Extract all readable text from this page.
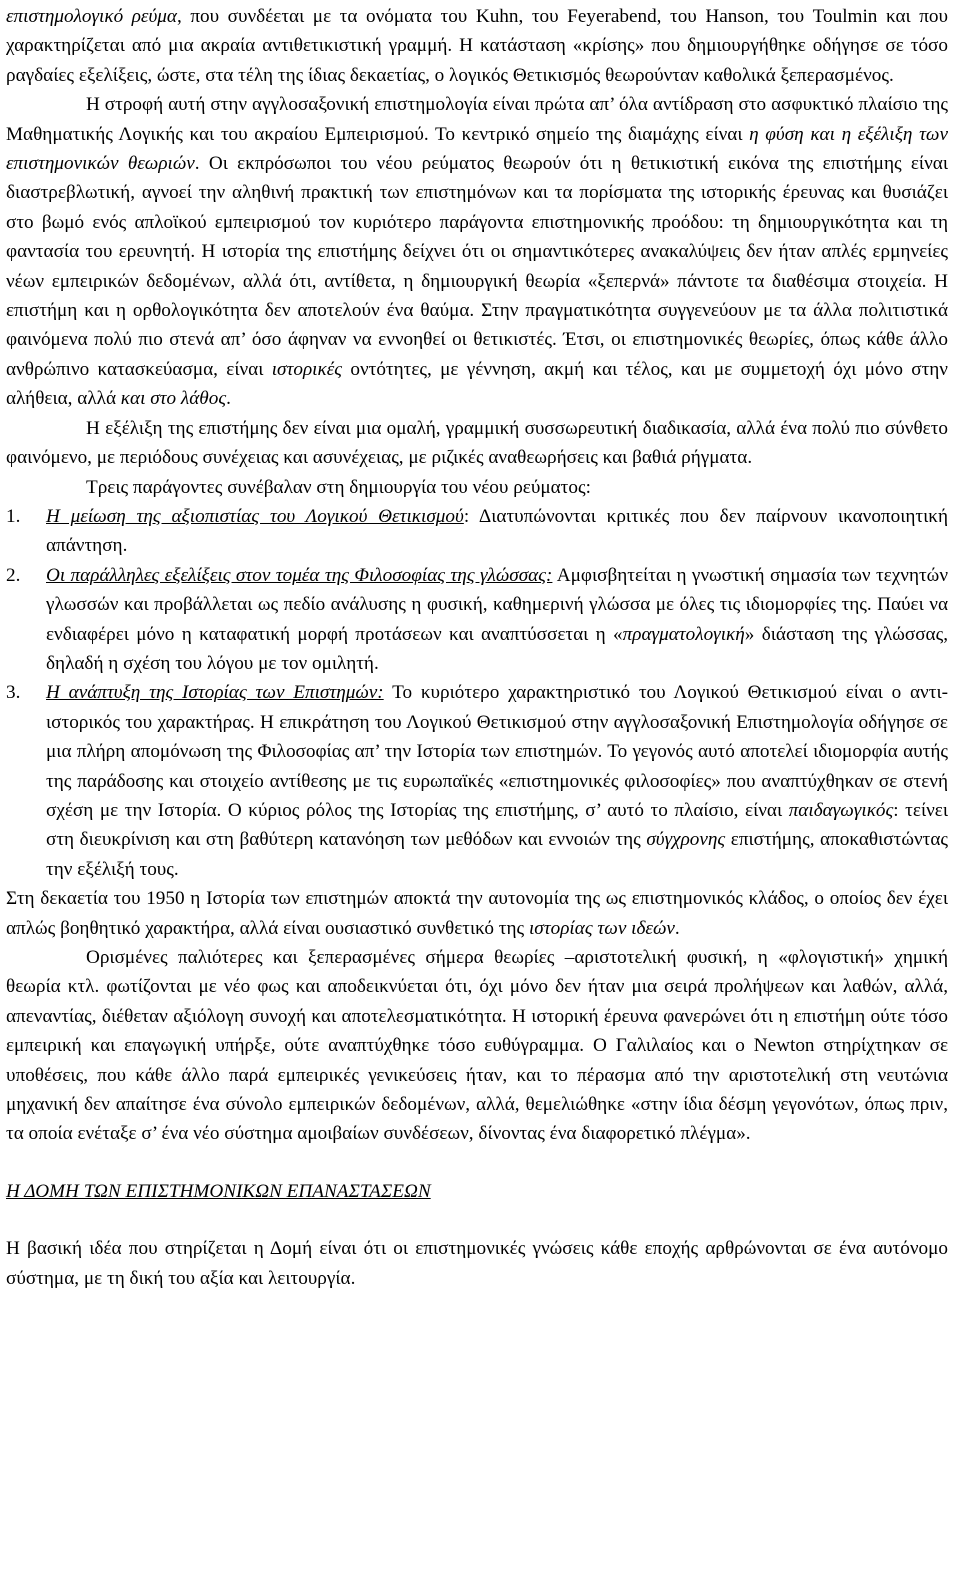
επιστημολογικό ρεύμα, που συνδέεται με τα ονόματα του Kuhn, του Feyerabend, του Hanson, του Toulmin και που χαρακτηρίζεται από μια ακραία αντιθετικιστική γραμμή. Η κατάσταση «κρίσης» που δημιουργήθηκε οδήγησε σε τόσο ραγδαίες εξελίξεις, ώστε, στα τέλη της ίδιας δεκαετίας, ο λογικός Θετικισμός θεωρούνταν καθολικά ξεπερασμένος.

Η στροφή αυτή στην αγγλοσαξονική επιστημολογία είναι πρώτα απ’ όλα αντίδραση στο ασφυκτικό πλαίσιο της Μαθηματικής Λογικής και του ακραίου Εμπειρισμού. Το κεντρικό σημείο της διαμάχης είναι η φύση και η εξέλιξη των επιστημονικών θεωριών. Οι εκπρόσωποι του νέου ρεύματος θεωρούν ότι η θετικιστική εικόνα της επιστήμης είναι διαστρεβλωτική, αγνοεί την αληθινή πρακτική των επιστημόνων και τα πορίσματα της ιστορικής έρευνας και θυσιάζει στο βωμό ενός απλοϊκού εμπειρισμού τον κυριότερο παράγοντα επιστημονικής προόδου: τη δημιουργικότητα και τη φαντασία του ερευνητή. Η ιστορία της επιστήμης δείχνει ότι οι σημαντικότερες ανακαλύψεις δεν ήταν απλές ερμηνείες νέων εμπειρικών δεδομένων, αλλά ότι, αντίθετα, η δημιουργική θεωρία «ξεπερνά» πάντοτε τα διαθέσιμα στοιχεία. Η επιστήμη και η ορθολογικότητα δεν αποτελούν ένα θαύμα. Στην πραγματικότητα συγγενεύουν με τα άλλα πολιτιστικά φαινόμενα πολύ πιο στενά απ’ όσο άφηναν να εννοηθεί οι θετικιστές. Έτσι, οι επιστημονικές θεωρίες, όπως κάθε άλλο ανθρώπινο κατασκεύασμα, είναι ιστορικές οντότητες, με γέννηση, ακμή και τέλος, και με συμμετοχή όχι μόνο στην αλήθεια, αλλά και στο λάθος.

Η εξέλιξη της επιστήμης δεν είναι μια ομαλή, γραμμική συσσωρευτική διαδικασία, αλλά ένα πολύ πιο σύνθετο φαινόμενο, με περιόδους συνέχειας και ασυνέχειας, με ριζικές αναθεωρήσεις και βαθιά ρήγματα.

Τρεις παράγοντες συνέβαλαν στη δημιουργία του νέου ρεύματος:

1. Η μείωση της αξιοπιστίας του Λογικού Θετικισμού: Διατυπώνονται κριτικές που δεν παίρνουν ικανοποιητική απάντηση.
2. Οι παράλληλες εξελίξεις στον τομέα της Φιλοσοφίας της γλώσσας: Αμφισβητείται η γνωστική σημασία των τεχνητών γλωσσών και προβάλλεται ως πεδίο ανάλυσης η φυσική, καθημερινή γλώσσα με όλες τις ιδιομορφίες της. Παύει να ενδιαφέρει μόνο η καταφατική μορφή προτάσεων και αναπτύσσεται η «πραγματολογική» διάσταση της γλώσσας, δηλαδή η σχέση του λόγου με τον ομιλητή.
3. Η ανάπτυξη της Ιστορίας των Επιστημών: Το κυριότερο χαρακτηριστικό του Λογικού Θετικισμού είναι ο αντι-ιστορικός του χαρακτήρας. Η επικράτηση του Λογικού Θετικισμού στην αγγλοσαξονική Επιστημολογία οδήγησε σε μια πλήρη απομόνωση της Φιλοσοφίας απ’ την Ιστορία των επιστημών. Το γεγονός αυτό αποτελεί ιδιομορφία αυτής της παράδοσης και στοιχείο αντίθεσης με τις ευρωπαϊκές «επιστημονικές φιλοσοφίες» που αναπτύχθηκαν σε στενή σχέση με την Ιστορία. Ο κύριος ρόλος της Ιστορίας της επιστήμης, σ’ αυτό το πλαίσιο, είναι παιδαγωγικός: τείνει στη διευκρίνιση και στη βαθύτερη κατανόηση των μεθόδων και εννοιών της σύγχρονης επιστήμης, αποκαθιστώντας την εξέλιξή τους.

Στη δεκαετία του 1950 η Ιστορία των επιστημών αποκτά την αυτονομία της ως επιστημονικός κλάδος, ο οποίος δεν έχει απλώς βοηθητικό χαρακτήρα, αλλά είναι ουσιαστικό συνθετικό της ιστορίας των ιδεών.

Ορισμένες παλιότερες και ξεπερασμένες σήμερα θεωρίες –αριστοτελική φυσική, η «φλογιστική» χημική θεωρία κτλ. φωτίζονται με νέο φως και αποδεικνύεται ότι, όχι μόνο δεν ήταν μια σειρά προλήψεων και λαθών, αλλά, απεναντίας, διέθεταν αξιόλογη συνοχή και αποτελεσματικότητα. Η ιστορική έρευνα φανερώνει ότι η επιστήμη ούτε τόσο εμπειρική και επαγωγική υπήρξε, ούτε αναπτύχθηκε τόσο ευθύγραμμα. Ο Γαλιλαίος και ο Newton στηρίχτηκαν σε υποθέσεις, που κάθε άλλο παρά εμπειρικές γενικεύσεις ήταν, και το πέρασμα από την αριστοτελική στη νευτώνια μηχανική δεν απαίτησε ένα σύνολο εμπειρικών δεδομένων, αλλά, θεμελιώθηκε «στην ίδια δέσμη γεγονότων, όπως πριν, τα οποία ενέταξε σ’ ένα νέο σύστημα αμοιβαίων συνδέσεων, δίνοντας ένα διαφορετικό πλέγμα».

Η ΔΟΜΗ ΤΩΝ ΕΠΙΣΤΗΜΟΝΙΚΩΝ ΕΠΑΝΑΣΤΑΣΕΩΝ

Η βασική ιδέα που στηρίζεται η Δομή είναι ότι οι επιστημονικές γνώσεις κάθε εποχής αρθρώνονται σε ένα αυτόνομο σύστημα, με τη δική του αξία και λειτουργία.
